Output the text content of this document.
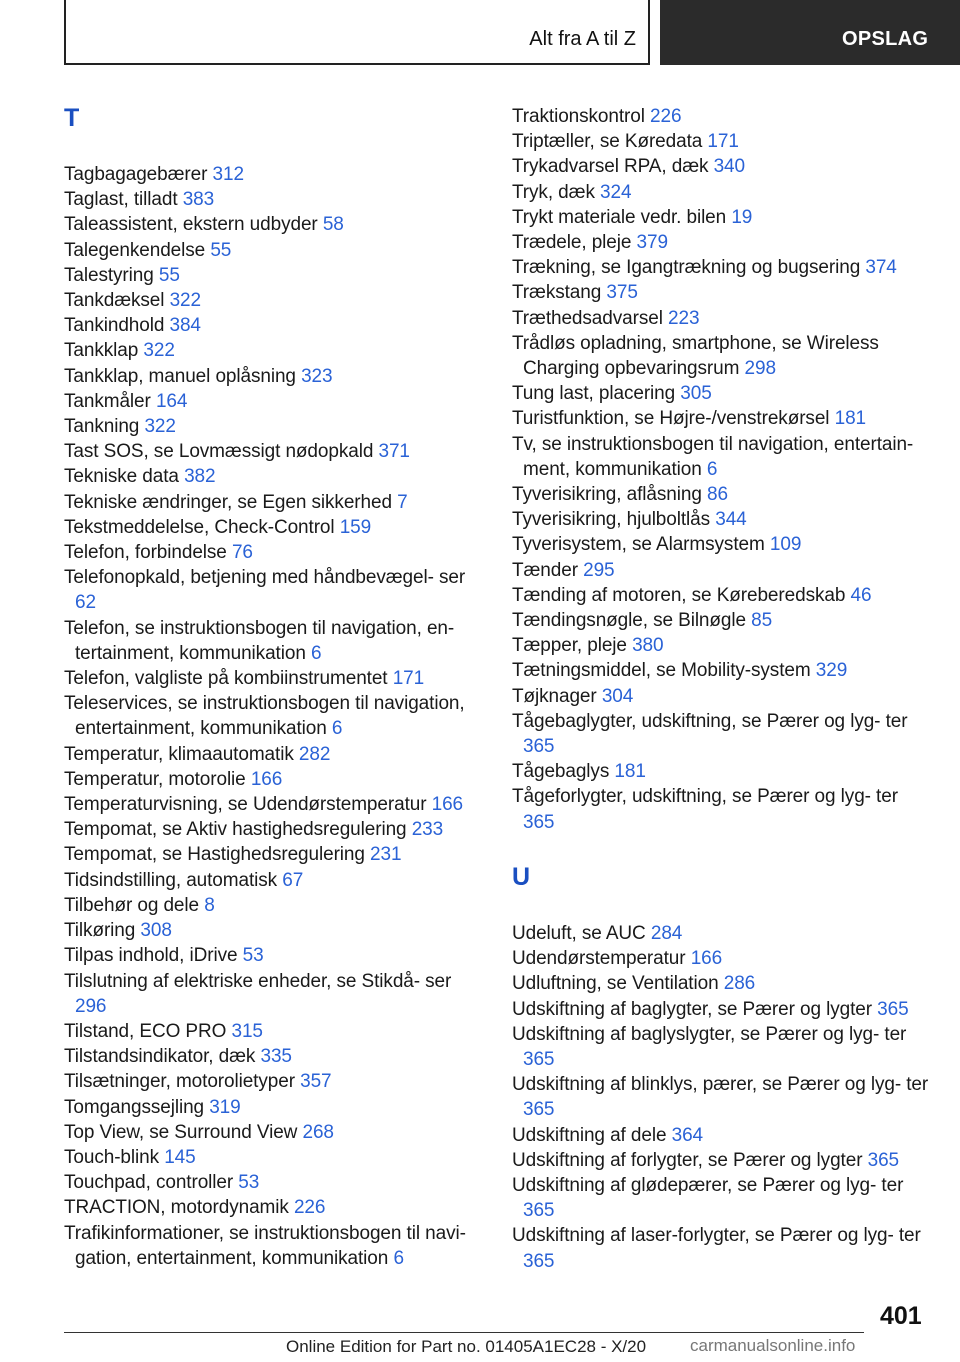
Alt fra A til Z	OPSLAG
T
Tagbagagebærer 312
Taglast, tilladt 383
Taleassistent, ekstern udbyder 58
Talegenkendelse 55
Talestyring 55
Tankdæksel 322
Tankindhold 384
Tankklap 322
Tankklap, manuel oplåsning 323
Tankmåler 164
Tankning 322
Tast SOS, se Lovmæssigt nødopkald 371
Tekniske data 382
Tekniske ændringer, se Egen sikkerhed 7
Tekstmeddelelse, Check-Control 159
Telefon, forbindelse 76
Telefonopkald, betjening med håndbevægel‐ ser 62
Telefon, se instruktionsbogen til navigation, en‐ tertainment, kommunikation 6
Telefon, valgliste på kombiinstrumentet 171
Teleservices, se instruktionsbogen til navigation, entertainment, kommunikation 6
Temperatur, klimaautomatik 282
Temperatur, motorolie 166
Temperaturvisning, se Udendørstemperatur 166
Tempomat, se Aktiv hastighedsregulering 233
Tempomat, se Hastighedsregulering 231
Tidsindstilling, automatisk 67
Tilbehør og dele 8
Tilkøring 308
Tilpas indhold, iDrive 53
Tilslutning af elektriske enheder, se Stikdå‐ ser 296
Tilstand, ECO PRO 315
Tilstandsindikator, dæk 335
Tilsætninger, motorolietyper 357
Tomgangssejling 319
Top View, se Surround View 268
Touch-blink 145
Touchpad, controller 53
TRACTION, motordynamik 226
Trafikinformationer, se instruktionsbogen til navi‐ gation, entertainment, kommunikation 6
Traktionskontrol 226
Triptæller, se Køredata 171
Trykadvarsel RPA, dæk 340
Tryk, dæk 324
Trykt materiale vedr. bilen 19
Trædele, pleje 379
Trækning, se Igangtrækning og bugsering 374
Trækstang 375
Træthedsadvarsel 223
Trådløs opladning, smartphone, se Wireless Charging opbevaringsrum 298
Tung last, placering 305
Turistfunktion, se Højre-/venstrekørsel 181
Tv, se instruktionsbogen til navigation, entertain‐ ment, kommunikation 6
Tyverisikring, aflåsning 86
Tyverisikring, hjulboltlås 344
Tyverisystem, se Alarmsystem 109
Tænder 295
Tænding af motoren, se Køreberedskab 46
Tændingsnøgle, se Bilnøgle 85
Tæpper, pleje 380
Tætningsmiddel, se Mobility-system 329
Tøjknager 304
Tågebaglygter, udskiftning, se Pærer og lyg‐ ter 365
Tågebaglys 181
Tågeforlygter, udskiftning, se Pærer og lyg‐ ter 365
U
Udeluft, se AUC 284
Udendørstemperatur 166
Udluftning, se Ventilation 286
Udskiftning af baglygter, se Pærer og lygter 365
Udskiftning af baglyslygter, se Pærer og lyg‐ ter 365
Udskiftning af blinklys, pærer, se Pærer og lyg‐ ter 365
Udskiftning af dele 364
Udskiftning af forlygter, se Pærer og lygter 365
Udskiftning af glødepærer, se Pærer og lyg‐ ter 365
Udskiftning af laser-forlygter, se Pærer og lyg‐ ter 365
401
Online Edition for Part no. 01405A1EC28 - X/20	carmanualsonline.info
